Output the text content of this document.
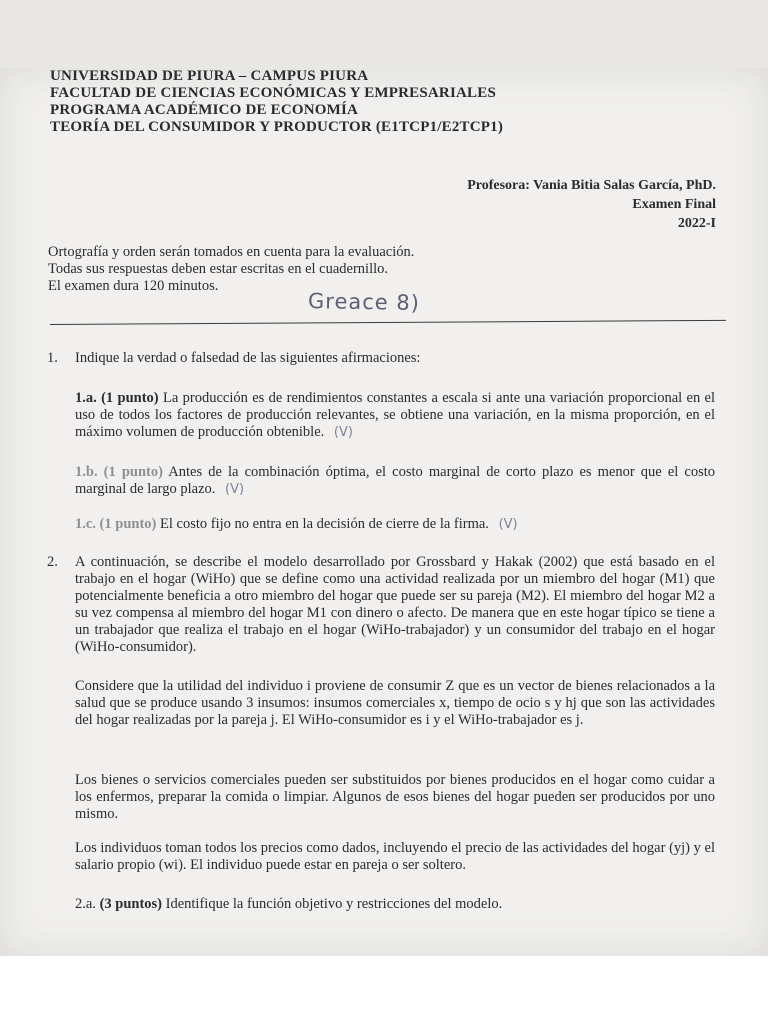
UNIVERSIDAD DE PIURA – CAMPUS PIURA
FACULTAD DE CIENCIAS ECONÓMICAS Y EMPRESARIALES
PROGRAMA ACADÉMICO DE ECONOMÍA
TEORÍA DEL CONSUMIDOR Y PRODUCTOR (E1TCP1/E2TCP1)
Profesora: Vania Bitia Salas García, PhD.
Examen Final
2022-I
Ortografía y orden serán tomados en cuenta para la evaluación.
Todas sus respuestas deben estar escritas en el cuadernillo.
El examen dura 120 minutos.
Greace 8)
1. Indique la verdad o falsedad de las siguientes afirmaciones:
1.a. (1 punto) La producción es de rendimientos constantes a escala si ante una variación proporcional en el uso de todos los factores de producción relevantes, se obtiene una variación, en la misma proporción, en el máximo volumen de producción obtenible. (V)
1.b. (1 punto) Antes de la combinación óptima, el costo marginal de corto plazo es menor que el costo marginal de largo plazo. (V)
1.c. (1 punto) El costo fijo no entra en la decisión de cierre de la firma. (V)
2. A continuación, se describe el modelo desarrollado por Grossbard y Hakak (2002) que está basado en el trabajo en el hogar (WiHo) que se define como una actividad realizada por un miembro del hogar (M1) que potencialmente beneficia a otro miembro del hogar que puede ser su pareja (M2). El miembro del hogar M2 a su vez compensa al miembro del hogar M1 con dinero o afecto. De manera que en este hogar típico se tiene a un trabajador que realiza el trabajo en el hogar (WiHo-trabajador) y un consumidor del trabajo en el hogar (WiHo-consumidor).
Considere que la utilidad del individuo i proviene de consumir Z que es un vector de bienes relacionados a la salud que se produce usando 3 insumos: insumos comerciales x, tiempo de ocio s y hj que son las actividades del hogar realizadas por la pareja j. El WiHo-consumidor es i y el WiHo-trabajador es j.
Los bienes o servicios comerciales pueden ser substituidos por bienes producidos en el hogar como cuidar a los enfermos, preparar la comida o limpiar. Algunos de esos bienes del hogar pueden ser producidos por uno mismo.
Los individuos toman todos los precios como dados, incluyendo el precio de las actividades del hogar (yj) y el salario propio (wi). El individuo puede estar en pareja o ser soltero.
2.a. (3 puntos) Identifique la función objetivo y restricciones del modelo.
